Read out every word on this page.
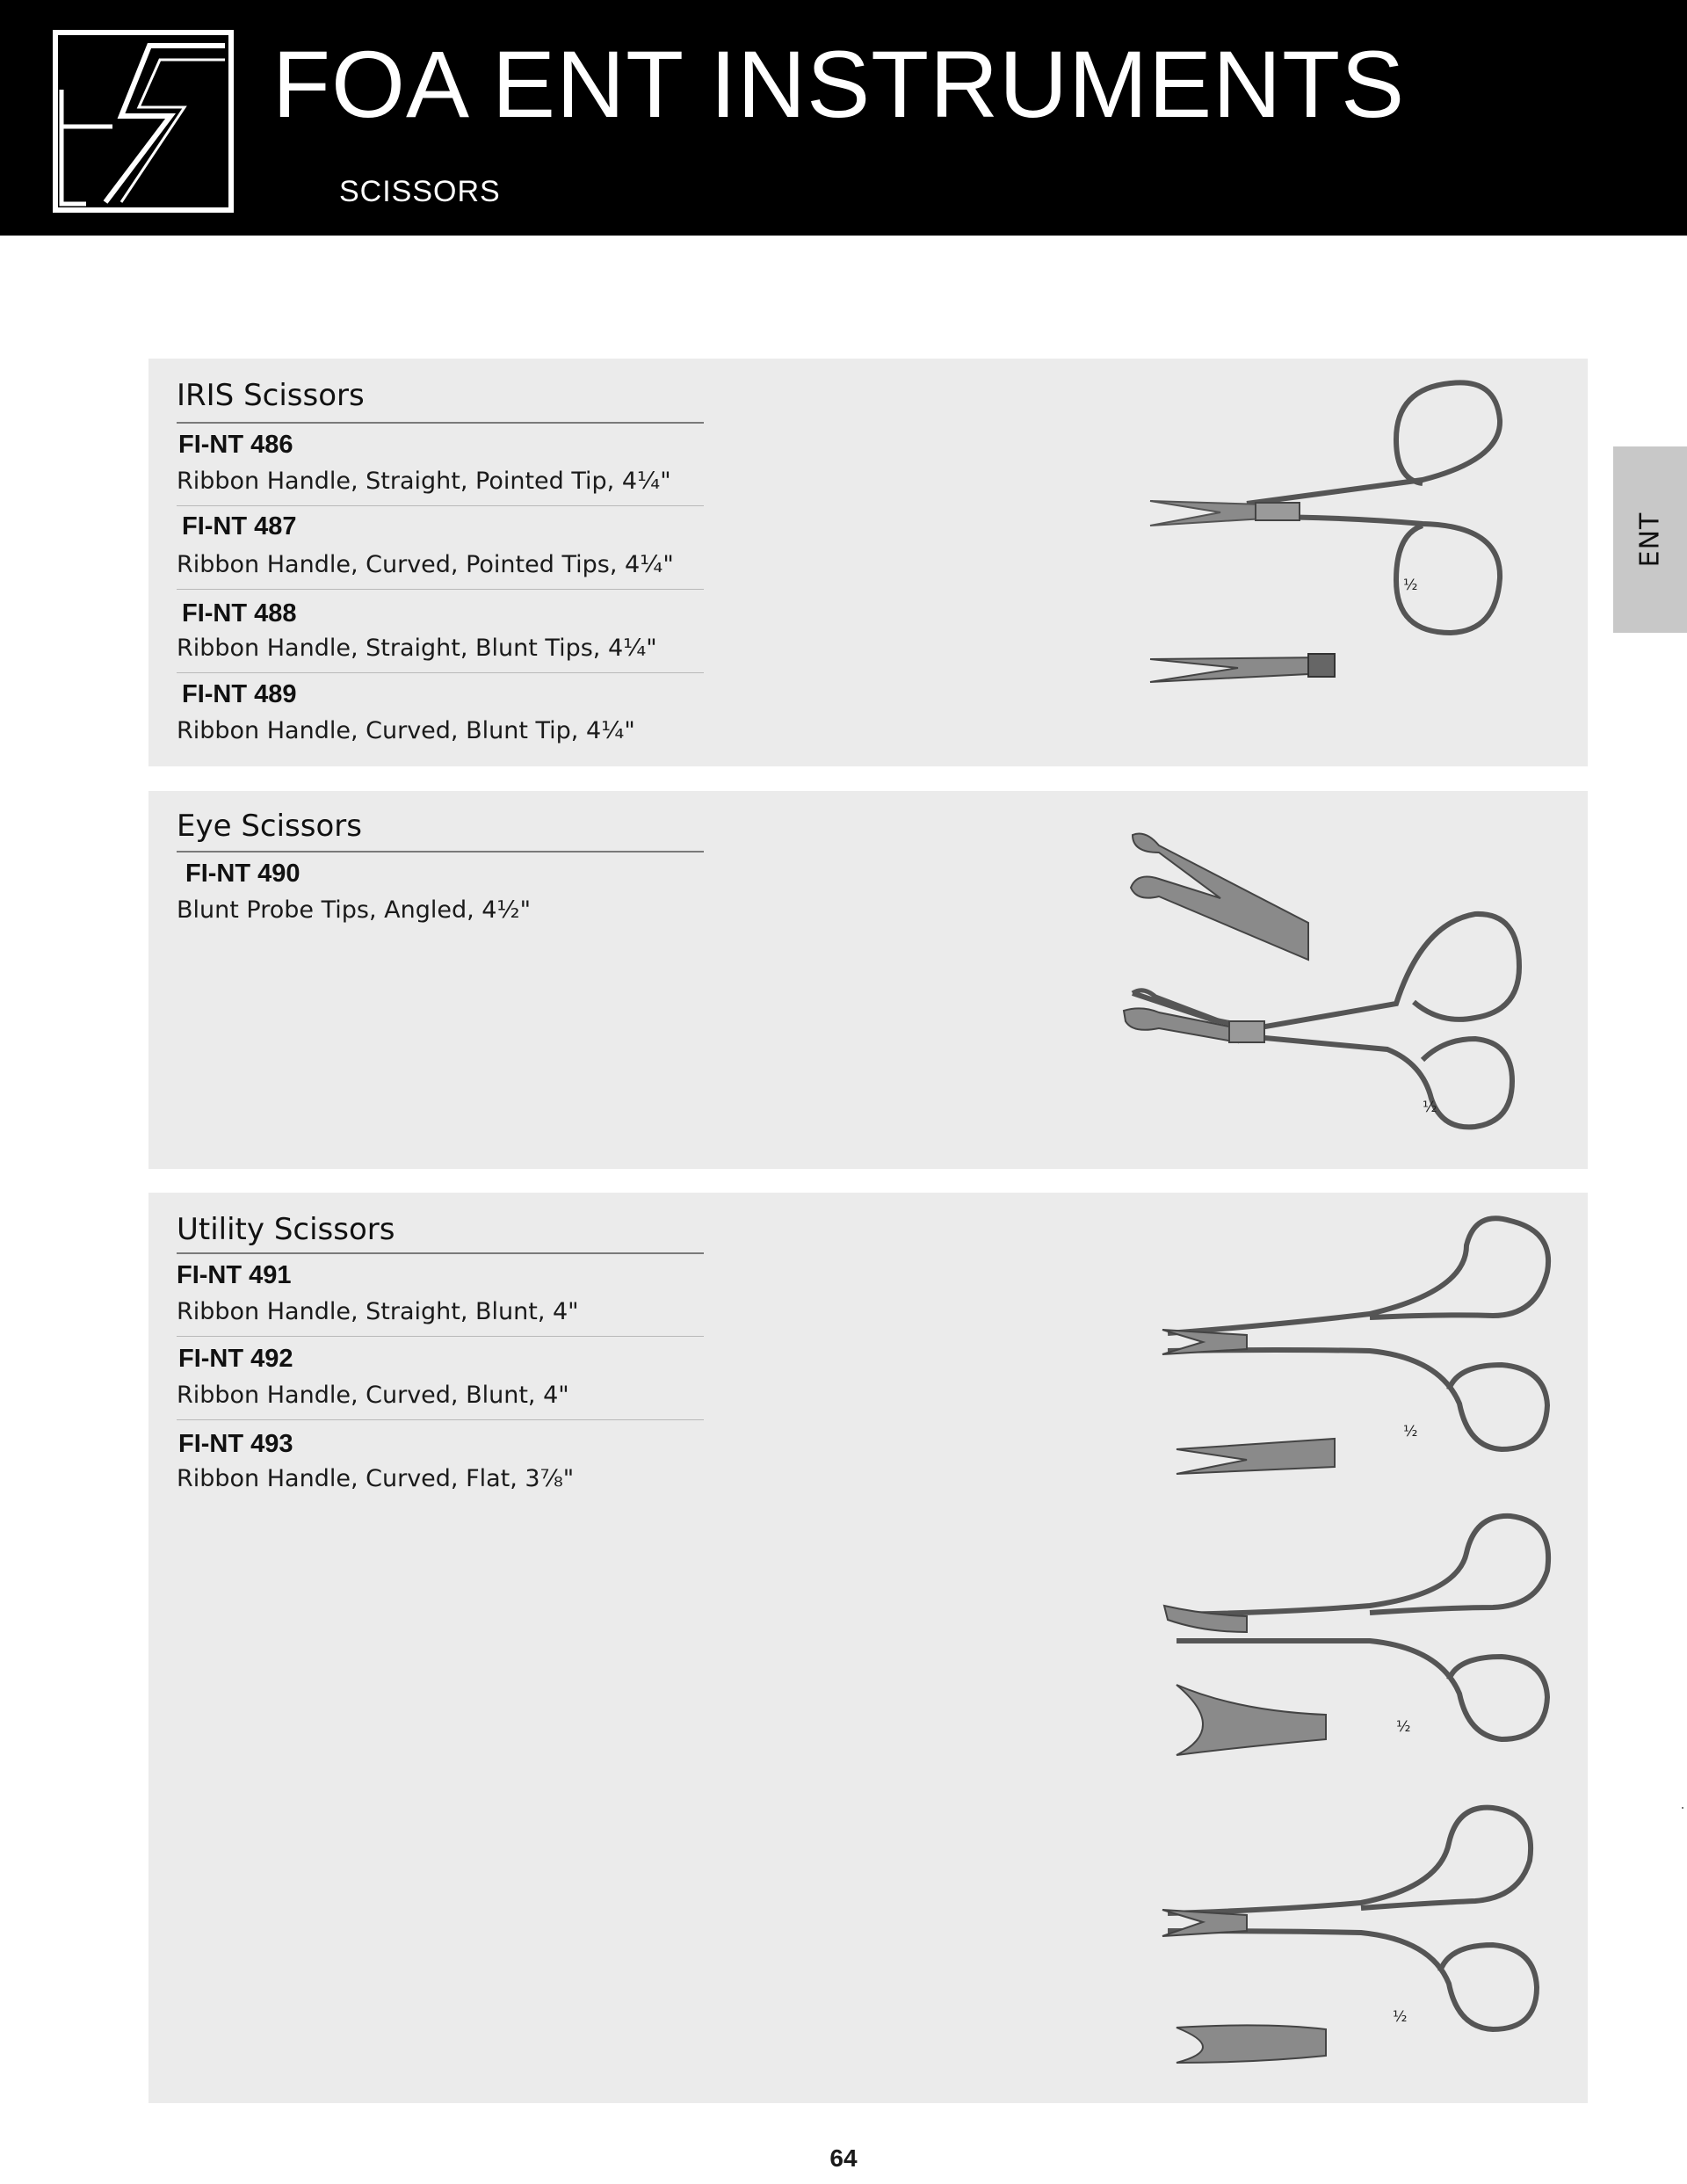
FOA ENT INSTRUMENTS
SCISSORS
ENT
IRIS Scissors
FI-NT 486
Ribbon Handle, Straight, Pointed Tip, 4¼"
FI-NT 487
Ribbon Handle, Curved, Pointed Tips, 4¼"
FI-NT 488
Ribbon Handle, Straight, Blunt Tips, 4¼"
FI-NT 489
Ribbon Handle, Curved, Blunt Tip, 4¼"
½
Eye Scissors
FI-NT 490
Blunt Probe Tips, Angled, 4½"
½
Utility Scissors
FI-NT 491
Ribbon Handle, Straight, Blunt, 4"
FI-NT 492
Ribbon Handle, Curved, Blunt, 4"
FI-NT 493
Ribbon Handle, Curved, Flat, 3⅞"
½
½
½
64
